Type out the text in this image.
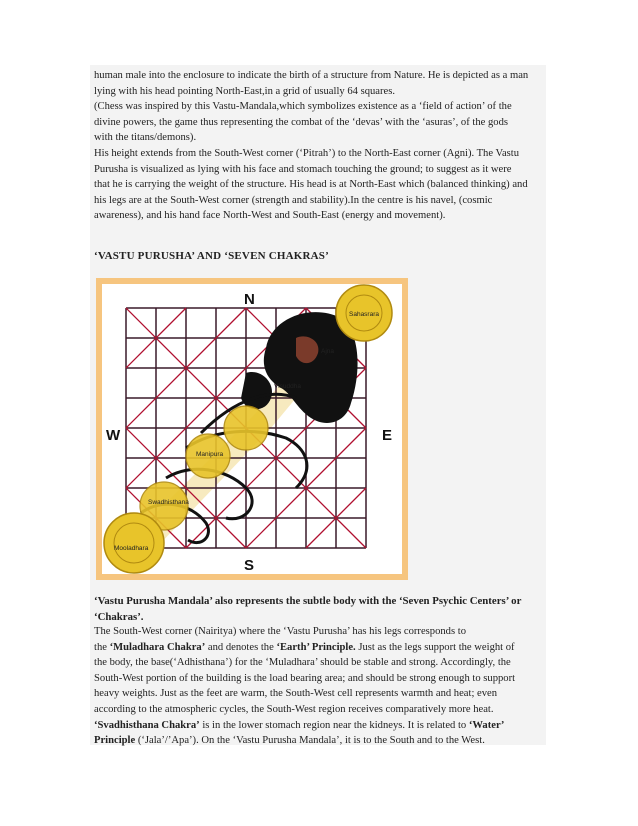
human male into the enclosure to indicate the birth of a structure from Nature. He is depicted as a man
lying with his head pointing North-East,in a grid of usually 64 squares.
(Chess was inspired by this Vastu-Mandala,which symbolizes existence as a ‘field of action’ of the
divine powers, the game thus representing the combat of the ‘devas’ with the ‘asuras’, of the gods
with the titans/demons).
His height extends from the South-West corner (‘Pitrah’) to the North-East corner (Agni). The Vastu
Purusha is visualized as lying with his face and stomach touching the ground; to suggest as it were
that he is carrying the weight of the structure. His head is at North-East which (balanced thinking) and
his legs are at the South-West corner (strength and stability).In the centre is his navel, (cosmic
awareness), and his hand face North-West and South-East (energy and movement).

‘VASTU PURUSHA’ AND ‘SEVEN CHAKRAS’

Sahasrara
Ajna
Visuddha
Manipura
Swadhisthana
Mooladhara
N
W	E
S

‘Vastu Purusha Mandala’ also represents the subtle body with the ‘Seven Psychic Centers’ or
‘Chakras’.

The South-West corner (Nairitya) where the ‘Vastu Purusha’ has his legs corresponds to
the ‘Muladhara Chakra’ and denotes the ‘Earth’ Principle. Just as the legs support the weight of
the body, the base(‘Adhisthana’) for the ‘Muladhara’ should be stable and strong. Accordingly, the
South-West portion of the building is the load bearing area; and should be strong enough to support
heavy weights. Just as the feet are warm, the South-West cell represents warmth and heat; even
according to the atmospheric cycles, the South-West region receives comparatively more heat.
‘Svadhisthana Chakra’ is in the lower stomach region near the kidneys. It is related to ‘Water’
Principle (‘Jala’/’Apa’). On the ‘Vastu Purusha Mandala’, it is to the South and to the West.
